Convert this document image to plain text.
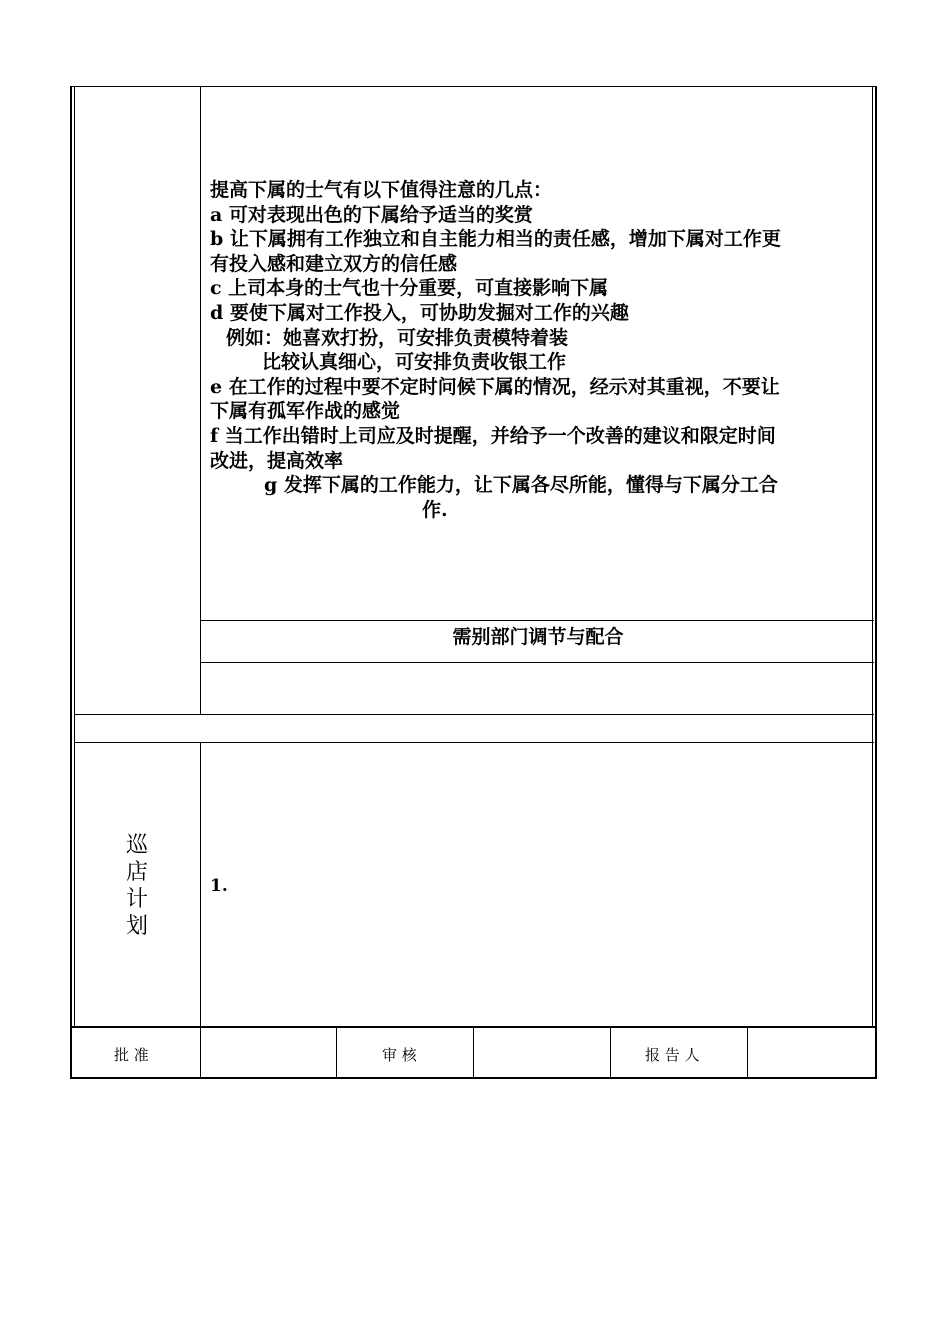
提高下属的士气有以下值得注意的几点：
a 可对表现出色的下属给予适当的奖赏
b 让下属拥有工作独立和自主能力相当的责任感，增加下属对工作更
有投入感和建立双方的信任感
c 上司本身的士气也十分重要，可直接影响下属
d 要使下属对工作投入，可协助发掘对工作的兴趣
例如：她喜欢打扮，可安排负责模特着装
比较认真细心，可安排负责收银工作
e 在工作的过程中要不定时问候下属的情况，经示对其重视，不要让
下属有孤军作战的感觉
f 当工作出错时上司应及时提醒，并给予一个改善的建议和限定时间
改进，提高效率
g 发挥下属的工作能力，让下属各尽所能，懂得与下属分工合
作.
需别部门调节与配合
巡
店
计
划
1.
批 准	审 核	报 告 人
